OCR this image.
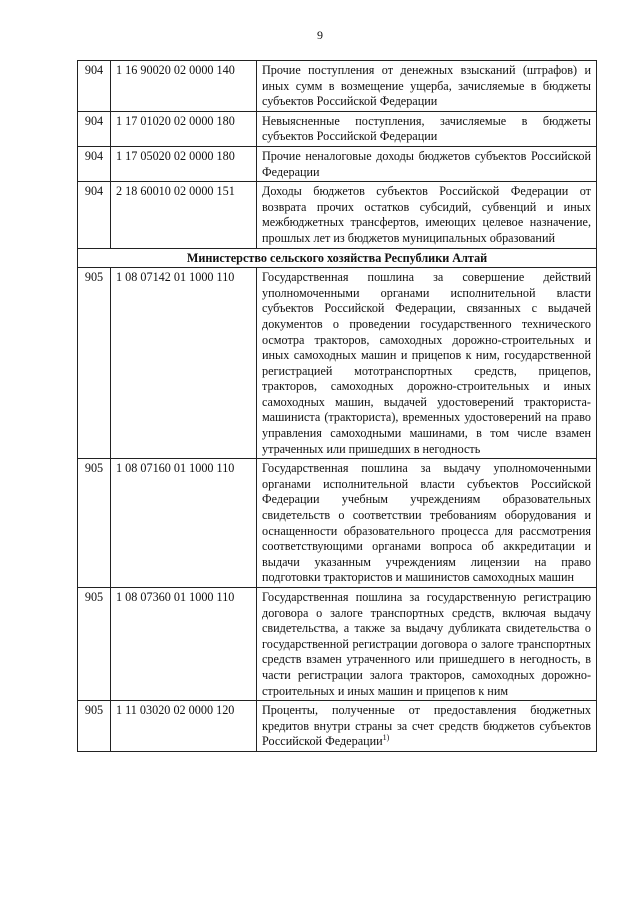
9
904	1 16 90020 02 0000 140	Прочие поступления от денежных взысканий (штрафов) и иных сумм в возмещение ущерба, зачисляемые в бюджеты субъектов Российской Федерации
904	1 17 01020 02 0000 180	Невыясненные поступления, зачисляемые в бюджеты субъектов Российской Федерации
904	1 17 05020 02 0000 180	Прочие неналоговые доходы бюджетов субъектов Российской Федерации
904	2 18 60010 02 0000 151	Доходы бюджетов субъектов Российской Федерации от возврата прочих остатков субсидий, субвенций и иных межбюджетных трансфертов, имеющих целевое назначение, прошлых лет из бюджетов муниципальных образований
Министерство сельского хозяйства Республики Алтай		
905	1 08 07142 01 1000 110	Государственная пошлина за совершение действий уполномоченными органами исполнительной власти субъектов Российской Федерации, связанных с выдачей документов о проведении государственного технического осмотра тракторов, самоходных дорожно-строительных и иных самоходных машин и прицепов к ним, государственной регистрацией мототранспортных средств, прицепов, тракторов, самоходных дорожно-строительных и иных самоходных машин, выдачей удостоверений тракториста-машиниста (тракториста), временных удостоверений на право управления самоходными машинами, в том числе взамен утраченных или пришедших в негодность
905	1 08 07160 01 1000 110	Государственная пошлина за выдачу уполномоченными органами исполнительной власти субъектов Российской Федерации учебным учреждениям образовательных свидетельств о соответствии требованиям оборудования и оснащенности образовательного процесса для рассмотрения соответствующими органами вопроса об аккредитации и выдачи указанным учреждениям лицензии на право подготовки трактористов и машинистов самоходных машин
905	1 08 07360 01 1000 110	Государственная пошлина за государственную регистрацию договора о залоге транспортных средств, включая выдачу свидетельства, а также за выдачу дубликата свидетельства о государственной регистрации договора о залоге транспортных средств взамен утраченного или пришедшего в негодность, в части регистрации залога тракторов, самоходных дорожно-строительных и иных машин и прицепов к ним
905	1 11 03020 02 0000 120	Проценты, полученные от предоставления бюджетных кредитов внутри страны за счет средств бюджетов субъектов Российской Федерации$^{1)}$
